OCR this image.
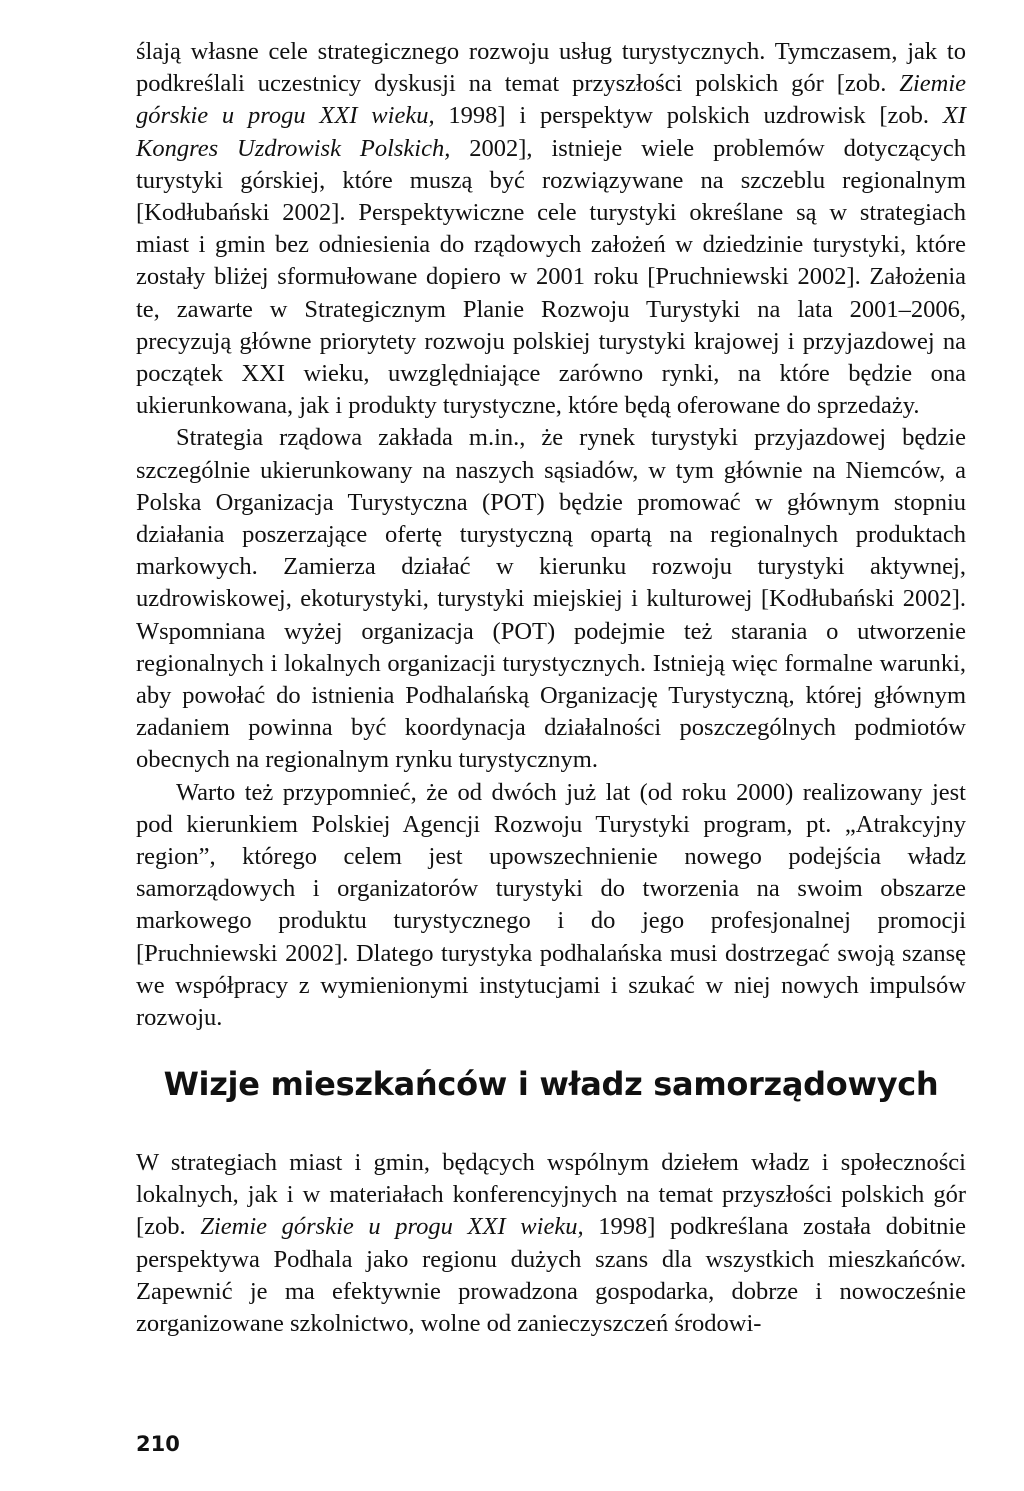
ślają własne cele strategicznego rozwoju usług turystycznych. Tymczasem, jak to podkreślali uczestnicy dyskusji na temat przyszłości polskich gór [zob. Ziemie górskie u progu XXI wieku, 1998] i perspektyw polskich uzdrowisk [zob. XI Kongres Uzdrowisk Polskich, 2002], istnieje wiele problemów dotyczących turystyki górskiej, które muszą być rozwiązywane na szczeblu regionalnym [Kodłubański 2002]. Perspektywiczne cele turystyki określane są w strategiach miast i gmin bez odniesienia do rządowych założeń w dziedzinie turystyki, które zostały bliżej sformułowane dopiero w 2001 roku [Pruchniewski 2002]. Założenia te, zawarte w Strategicznym Planie Rozwoju Turystyki na lata 2001–2006, precyzują główne priorytety rozwoju polskiej turystyki krajowej i przyjazdowej na początek XXI wieku, uwzględniające zarówno rynki, na które będzie ona ukierunkowana, jak i produkty turystyczne, które będą oferowane do sprzedaży.

Strategia rządowa zakłada m.in., że rynek turystyki przyjazdowej będzie szczególnie ukierunkowany na naszych sąsiadów, w tym głównie na Niemców, a Polska Organizacja Turystyczna (POT) będzie promować w głównym stopniu działania poszerzające ofertę turystyczną opartą na regionalnych produktach markowych. Zamierza działać w kierunku rozwoju turystyki aktywnej, uzdrowiskowej, ekoturystyki, turystyki miejskiej i kulturowej [Kodłubański 2002]. Wspomniana wyżej organizacja (POT) podejmie też starania o utworzenie regionalnych i lokalnych organizacji turystycznych. Istnieją więc formalne warunki, aby powołać do istnienia Podhalańską Organizację Turystyczną, której głównym zadaniem powinna być koordynacja działalności poszczególnych podmiotów obecnych na regionalnym rynku turystycznym.

Warto też przypomnieć, że od dwóch już lat (od roku 2000) realizowany jest pod kierunkiem Polskiej Agencji Rozwoju Turystyki program, pt. „Atrakcyjny region”, którego celem jest upowszechnienie nowego podejścia władz samorządowych i organizatorów turystyki do tworzenia na swoim obszarze markowego produktu turystycznego i do jego profesjonalnej promocji [Pruchniewski 2002]. Dlatego turystyka podhalańska musi dostrzegać swoją szansę we współpracy z wymienionymi instytucjami i szukać w niej nowych impulsów rozwoju.

Wizje mieszkańców i władz samorządowych

W strategiach miast i gmin, będących wspólnym dziełem władz i społeczności lokalnych, jak i w materiałach konferencyjnych na temat przyszłości polskich gór [zob. Ziemie górskie u progu XXI wieku, 1998] podkreślana została dobitnie perspektywa Podhala jako regionu dużych szans dla wszystkich mieszkańców. Zapewnić je ma efektywnie prowadzona gospodarka, dobrze i nowocześnie zorganizowane szkolnictwo, wolne od zanieczyszczeń środowi-

210
